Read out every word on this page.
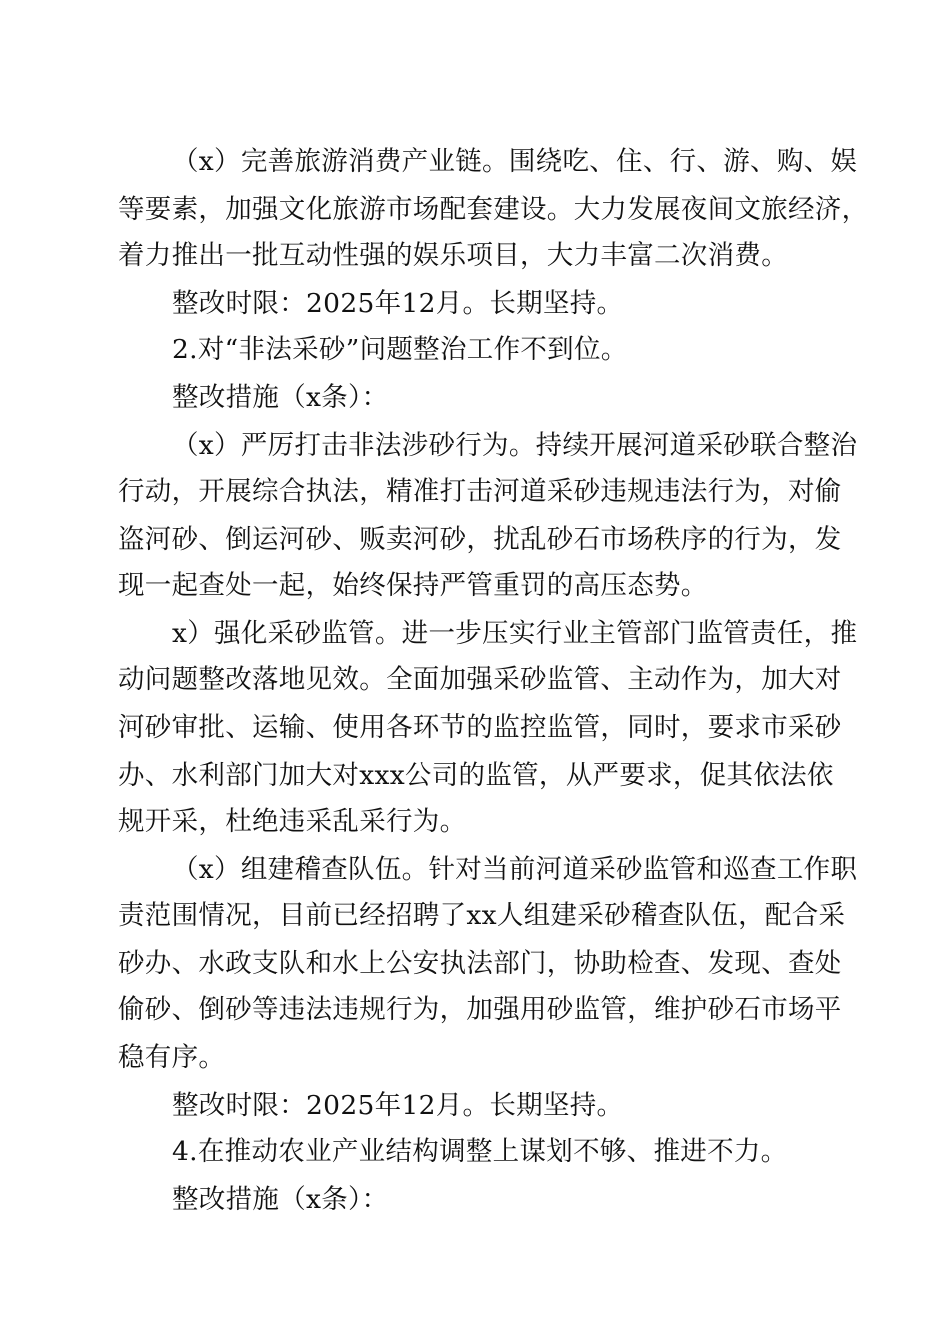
（x）完善旅游消费产业链。围绕吃、住、行、游、购、娱
等要素，加强文化旅游市场配套建设。大力发展夜间文旅经济，
着力推出一批互动性强的娱乐项目，大力丰富二次消费。
整改时限：2025年12月。长期坚持。
2.对“非法采砂”问题整治工作不到位。
整改措施（x条）：
（x）严厉打击非法涉砂行为。持续开展河道采砂联合整治
行动，开展综合执法，精准打击河道采砂违规违法行为，对偷
盗河砂、倒运河砂、贩卖河砂，扰乱砂石市场秩序的行为，发
现一起查处一起，始终保持严管重罚的高压态势。
x）强化采砂监管。进一步压实行业主管部门监管责任，推
动问题整改落地见效。全面加强采砂监管、主动作为，加大对
河砂审批、运输、使用各环节的监控监管，同时，要求市采砂
办、水利部门加大对xxx公司的监管，从严要求，促其依法依
规开采，杜绝违采乱采行为。
（x）组建稽查队伍。针对当前河道采砂监管和巡查工作职
责范围情况，目前已经招聘了xx人组建采砂稽查队伍，配合采
砂办、水政支队和水上公安执法部门，协助检查、发现、查处
偷砂、倒砂等违法违规行为，加强用砂监管，维护砂石市场平
稳有序。
整改时限：2025年12月。长期坚持。
4.在推动农业产业结构调整上谋划不够、推进不力。
整改措施（x条）：
